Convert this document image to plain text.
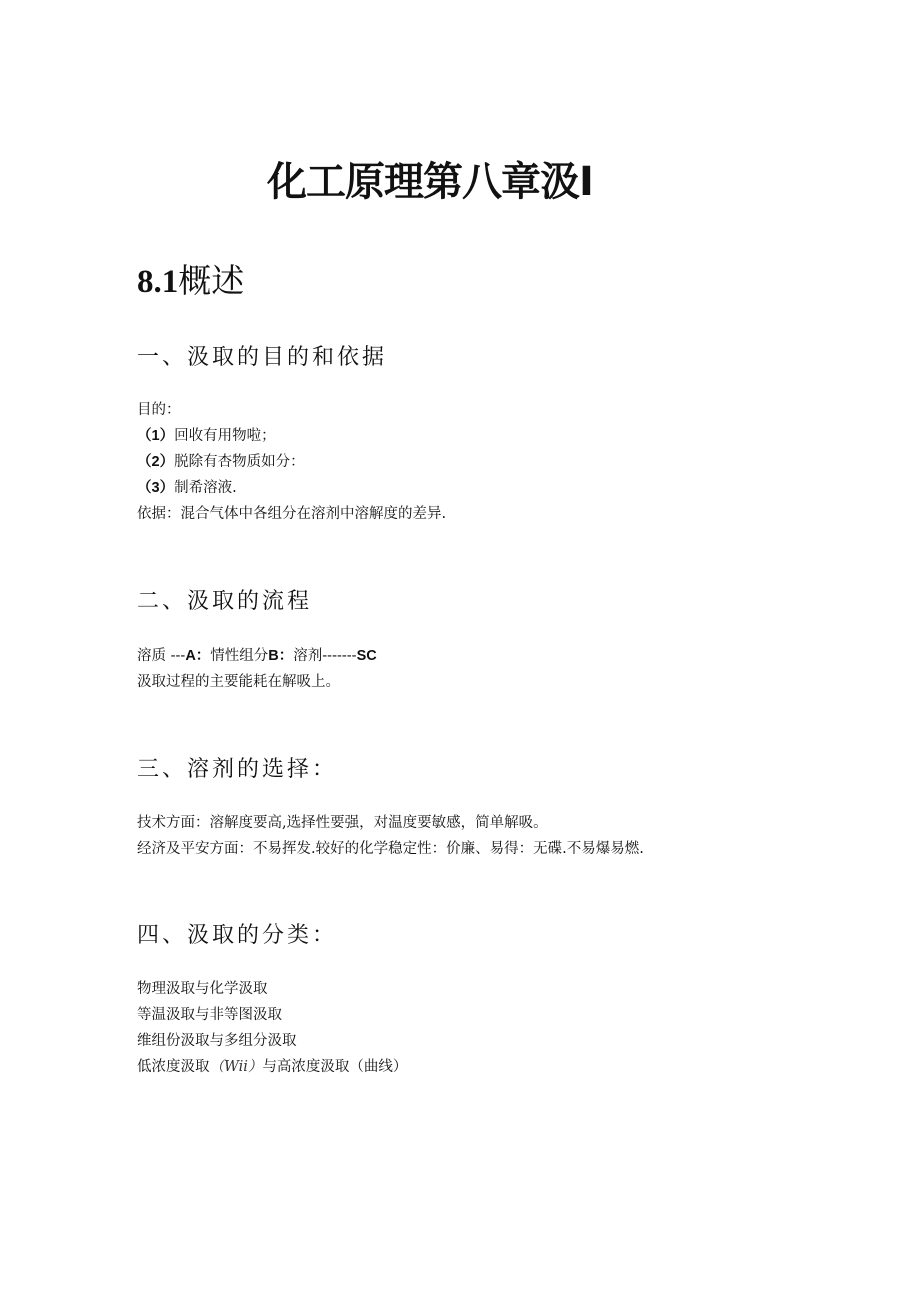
化工原理第八章汲I
8.1概述
一、汲取的目的和依据
目的：
（1）回收有用物啦；
（2）脱除有杏物质如分：
（3）制希溶液.
依据：混合气体中各组分在溶剂中溶解度的差异.
二、汲取的流程
溶质 ---A：情性组分B：溶剂-------SC
汲取过程的主要能耗在解吸上。
三、溶剂的选择：
技术方面：溶解度要高,选择性要强，对温度要敏感，简单解吸。
经济及平安方面：不易挥发.较好的化学稳定性：价廉、易得：无碟.不易爆易燃.
四、汲取的分类：
物理汲取与化学汲取
等温汲取与非等图汲取
维组份汲取与多组分汲取
低浓度汲取（Wii）与高浓度汲取（曲线）
